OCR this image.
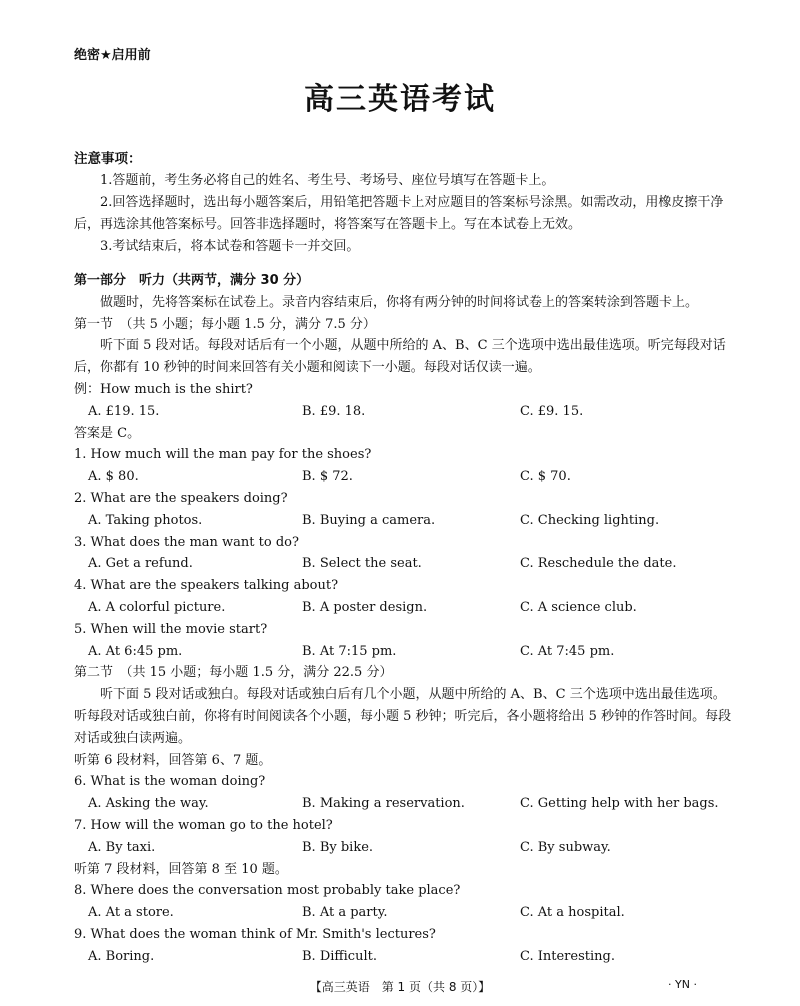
绝密★启用前
高三英语考试
注意事项：
1.答题前，考生务必将自己的姓名、考生号、考场号、座位号填写在答题卡上。
2.回答选择题时，选出每小题答案后，用铅笔把答题卡上对应题目的答案标号涂黑。如需改动，用橡皮擦干净后，再选涂其他答案标号。回答非选择题时，将答案写在答题卡上。写在本试卷上无效。
3.考试结束后，将本试卷和答题卡一并交回。
第一部分　听力（共两节，满分 30 分）
做题时，先将答案标在试卷上。录音内容结束后，你将有两分钟的时间将试卷上的答案转涂到答题卡上。
第一节　（共 5 小题；每小题 1.5 分，满分 7.5 分）
听下面 5 段对话。每段对话后有一个小题，从题中所给的 A、B、C 三个选项中选出最佳选项。听完每段对话后，你都有 10 秒钟的时间来回答有关小题和阅读下一小题。每段对话仅读一遍。
例：How much is the shirt?
A. £19. 15.	B. £9. 18.	C. £9. 15.
答案是 C。
1. How much will the man pay for the shoes?
A. $ 80.	B. $ 72.	C. $ 70.
2. What are the speakers doing?
A. Taking photos.	B. Buying a camera.	C. Checking lighting.
3. What does the man want to do?
A. Get a refund.	B. Select the seat.	C. Reschedule the date.
4. What are the speakers talking about?
A. A colorful picture.	B. A poster design.	C. A science club.
5. When will the movie start?
A. At 6:45 pm.	B. At 7:15 pm.	C. At 7:45 pm.
第二节　（共 15 小题；每小题 1.5 分，满分 22.5 分）
听下面 5 段对话或独白。每段对话或独白后有几个小题，从题中所给的 A、B、C 三个选项中选出最佳选项。听每段对话或独白前，你将有时间阅读各个小题，每小题 5 秒钟；听完后，各小题将给出 5 秒钟的作答时间。每段对话或独白读两遍。
听第 6 段材料，回答第 6、7 题。
6. What is the woman doing?
A. Asking the way.	B. Making a reservation.	C. Getting help with her bags.
7. How will the woman go to the hotel?
A. By taxi.	B. By bike.	C. By subway.
听第 7 段材料，回答第 8 至 10 题。
8. Where does the conversation most probably take place?
A. At a store.	B. At a party.	C. At a hospital.
9. What does the woman think of Mr. Smith's lectures?
A. Boring.	B. Difficult.	C. Interesting.
【高三英语　第 1 页（共 8 页）】	· YN ·
